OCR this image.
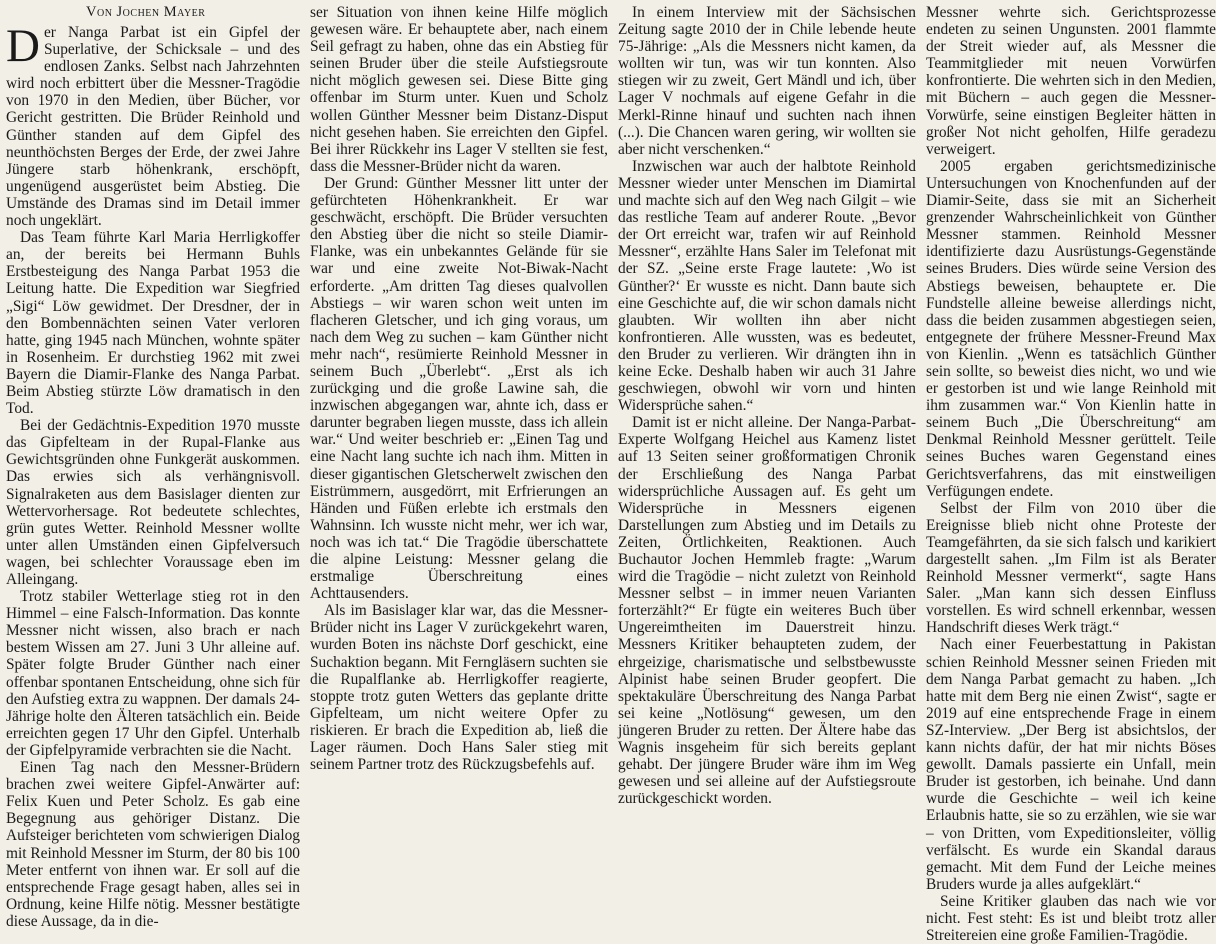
Von Jochen Mayer

Der Nanga Parbat ist ein Gipfel der Superlative, der Schicksale – und des endlosen Zanks. Selbst nach Jahrzehnten wird noch erbittert über die Messner-Tragödie von 1970 in den Medien, über Bücher, vor Gericht gestritten. Die Brüder Reinhold und Günther standen auf dem Gipfel des neunthöchsten Berges der Erde, der zwei Jahre Jüngere starb höhenkrank, erschöpft, ungenügend ausgerüstet beim Abstieg. Die Umstände des Dramas sind im Detail immer noch ungeklärt.

Das Team führte Karl Maria Herrligkoffer an, der bereits bei Hermann Buhls Erstbesteigung des Nanga Parbat 1953 die Leitung hatte. Die Expedition war Siegfried „Sigi“ Löw gewidmet. Der Dresdner, der in den Bombennächten seinen Vater verloren hatte, ging 1945 nach München, wohnte später in Rosenheim. Er durchstieg 1962 mit zwei Bayern die Diamir-Flanke des Nanga Parbat. Beim Abstieg stürzte Löw dramatisch in den Tod.

Bei der Gedächtnis-Expedition 1970 musste das Gipfelteam in der Rupal-Flanke aus Gewichtsgründen ohne Funkgerät auskommen. Das erwies sich als verhängnisvoll. Signalraketen aus dem Basislager dienten zur Wettervorhersage. Rot bedeutete schlechtes, grün gutes Wetter. Reinhold Messner wollte unter allen Umständen einen Gipfelversuch wagen, bei schlechter Voraussage eben im Alleingang.

Trotz stabiler Wetterlage stieg rot in den Himmel – eine Falsch-Information. Das konnte Messner nicht wissen, also brach er nach bestem Wissen am 27. Juni 3 Uhr alleine auf. Später folgte Bruder Günther nach einer offenbar spontanen Entscheidung, ohne sich für den Aufstieg extra zu wappnen. Der damals 24-Jährige holte den Älteren tatsächlich ein. Beide erreichten gegen 17 Uhr den Gipfel. Unterhalb der Gipfelpyramide verbrachten sie die Nacht.

Einen Tag nach den Messner-Brüdern brachen zwei weitere Gipfel-Anwärter auf: Felix Kuen und Peter Scholz. Es gab eine Begegnung aus gehöriger Distanz. Die Aufsteiger berichteten vom schwierigen Dialog mit Reinhold Messner im Sturm, der 80 bis 100 Meter entfernt von ihnen war. Er soll auf die entsprechende Frage gesagt haben, alles sei in Ordnung, keine Hilfe nötig. Messner bestätigte diese Aussage, da in die-

ser Situation von ihnen keine Hilfe möglich gewesen wäre. Er behauptete aber, nach einem Seil gefragt zu haben, ohne das ein Abstieg für seinen Bruder über die steile Aufstiegsroute nicht möglich gewesen sei. Diese Bitte ging offenbar im Sturm unter. Kuen und Scholz wollen Günther Messner beim Distanz-Disput nicht gesehen haben. Sie erreichten den Gipfel. Bei ihrer Rückkehr ins Lager V stellten sie fest, dass die Messner-Brüder nicht da waren.

Der Grund: Günther Messner litt unter der gefürchteten Höhenkrankheit. Er war geschwächt, erschöpft. Die Brüder versuchten den Abstieg über die nicht so steile Diamir-Flanke, was ein unbekanntes Gelände für sie war und eine zweite Not-Biwak-Nacht erforderte. „Am dritten Tag dieses qualvollen Abstiegs – wir waren schon weit unten im flacheren Gletscher, und ich ging voraus, um nach dem Weg zu suchen – kam Günther nicht mehr nach“, resümierte Reinhold Messner in seinem Buch „Überlebt“. „Erst als ich zurückging und die große Lawine sah, die inzwischen abgegangen war, ahnte ich, dass er darunter begraben liegen musste, dass ich allein war.“ Und weiter beschrieb er: „Einen Tag und eine Nacht lang suchte ich nach ihm. Mitten in dieser gigantischen Gletscherwelt zwischen den Eistrümmern, ausgedörrt, mit Erfrierungen an Händen und Füßen erlebte ich erstmals den Wahnsinn. Ich wusste nicht mehr, wer ich war, noch was ich tat.“ Die Tragödie überschattete die alpine Leistung: Messner gelang die erstmalige Überschreitung eines Achttausenders.

Als im Basislager klar war, das die Messner-Brüder nicht ins Lager V zurückgekehrt waren, wurden Boten ins nächste Dorf geschickt, eine Suchaktion begann. Mit Ferngläsern suchten sie die Rupalflanke ab. Herrligkoffer reagierte, stoppte trotz guten Wetters das geplante dritte Gipfelteam, um nicht weitere Opfer zu riskieren. Er brach die Expedition ab, ließ die Lager räumen. Doch Hans Saler stieg mit seinem Partner trotz des Rückzugsbefehls auf.

In einem Interview mit der Sächsischen Zeitung sagte 2010 der in Chile lebende heute 75-Jährige: „Als die Messners nicht kamen, da wollten wir tun, was wir tun konnten. Also stiegen wir zu zweit, Gert Mändl und ich, über Lager V nochmals auf eigene Gefahr in die Merkl-Rinne hinauf und suchten nach ihnen (...). Die Chancen waren gering, wir wollten sie aber nicht verschenken.“

Inzwischen war auch der halbtote Reinhold Messner wieder unter Menschen im Diamirtal und machte sich auf den Weg nach Gilgit – wie das restliche Team auf anderer Route. „Bevor der Ort erreicht war, trafen wir auf Reinhold Messner“, erzählte Hans Saler im Telefonat mit der SZ. „Seine erste Frage lautete: ‚Wo ist Günther?‘ Er wusste es nicht. Dann baute sich eine Geschichte auf, die wir schon damals nicht glaubten. Wir wollten ihn aber nicht konfrontieren. Alle wussten, was es bedeutet, den Bruder zu verlieren. Wir drängten ihn in keine Ecke. Deshalb haben wir auch 31 Jahre geschwiegen, obwohl wir vorn und hinten Widersprüche sahen.“

Damit ist er nicht alleine. Der Nanga-Parbat-Experte Wolfgang Heichel aus Kamenz listet auf 13 Seiten seiner großformatigen Chronik der Erschließung des Nanga Parbat widersprüchliche Aussagen auf. Es geht um Widersprüche in Messners eigenen Darstellungen zum Abstieg und im Details zu Zeiten, Örtlichkeiten, Reaktionen. Auch Buchautor Jochen Hemmleb fragte: „Warum wird die Tragödie – nicht zuletzt von Reinhold Messner selbst – in immer neuen Varianten forterzählt?“ Er fügte ein weiteres Buch über Ungereimtheiten im Dauerstreit hinzu. Messners Kritiker behaupteten zudem, der ehrgeizige, charismatische und selbstbewusste Alpinist habe seinen Bruder geopfert. Die spektakuläre Überschreitung des Nanga Parbat sei keine „Notlösung“ gewesen, um den jüngeren Bruder zu retten. Der Ältere habe das Wagnis insgeheim für sich bereits geplant gehabt. Der jüngere Bruder wäre ihm im Weg gewesen und sei alleine auf der Aufstiegsroute zurückgeschickt worden.

Messner wehrte sich. Gerichtsprozesse endeten zu seinen Ungunsten. 2001 flammte der Streit wieder auf, als Messner die Teammitglieder mit neuen Vorwürfen konfrontierte. Die wehrten sich in den Medien, mit Büchern – auch gegen die Messner-Vorwürfe, seine einstigen Begleiter hätten in großer Not nicht geholfen, Hilfe geradezu verweigert.

2005 ergaben gerichtsmedizinische Untersuchungen von Knochenfunden auf der Diamir-Seite, dass sie mit an Sicherheit grenzender Wahrscheinlichkeit von Günther Messner stammen. Reinhold Messner identifizierte dazu Ausrüstungs-Gegenstände seines Bruders. Dies würde seine Version des Abstiegs beweisen, behauptete er. Die Fundstelle alleine beweise allerdings nicht, dass die beiden zusammen abgestiegen seien, entgegnete der frühere Messner-Freund Max von Kienlin. „Wenn es tatsächlich Günther sein sollte, so beweist dies nicht, wo und wie er gestorben ist und wie lange Reinhold mit ihm zusammen war.“ Von Kienlin hatte in seinem Buch „Die Überschreitung“ am Denkmal Reinhold Messner gerüttelt. Teile seines Buches waren Gegenstand eines Gerichtsverfahrens, das mit einstweiligen Verfügungen endete.

Selbst der Film von 2010 über die Ereignisse blieb nicht ohne Proteste der Teamgefährten, da sie sich falsch und karikiert dargestellt sahen. „Im Film ist als Berater Reinhold Messner vermerkt“, sagte Hans Saler. „Man kann sich dessen Einfluss vorstellen. Es wird schnell erkennbar, wessen Handschrift dieses Werk trägt.“

Nach einer Feuerbestattung in Pakistan schien Reinhold Messner seinen Frieden mit dem Nanga Parbat gemacht zu haben. „Ich hatte mit dem Berg nie einen Zwist“, sagte er 2019 auf eine entsprechende Frage in einem SZ-Interview. „Der Berg ist absichtslos, der kann nichts dafür, der hat mir nichts Böses gewollt. Damals passierte ein Unfall, mein Bruder ist gestorben, ich beinahe. Und dann wurde die Geschichte – weil ich keine Erlaubnis hatte, sie so zu erzählen, wie sie war – von Dritten, vom Expeditionsleiter, völlig verfälscht. Es wurde ein Skandal daraus gemacht. Mit dem Fund der Leiche meines Bruders wurde ja alles aufgeklärt.“

Seine Kritiker glauben das nach wie vor nicht. Fest steht: Es ist und bleibt trotz aller Streitereien eine große Familien-Tragödie.
